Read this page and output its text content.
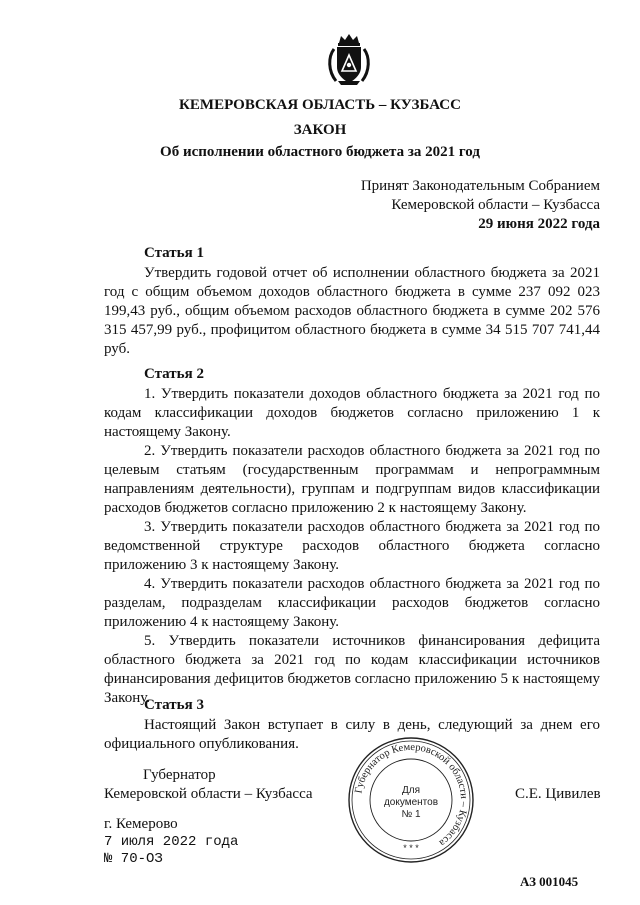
КЕМЕРОВСКАЯ ОБЛАСТЬ – КУЗБАСС
ЗАКОН
Об исполнении областного бюджета за 2021 год
Принят Законодательным Собранием
Кемеровской области – Кузбасса
29 июня 2022 года
Статья 1
Утвердить годовой отчет об исполнении областного бюджета за 2021 год с общим объемом доходов областного бюджета в сумме 237 092 023 199,43 руб., общим объемом расходов областного бюджета в сумме 202 576 315 457,99 руб., профицитом областного бюджета в сумме 34 515 707 741,44 руб.
Статья 2
1. Утвердить показатели доходов областного бюджета за 2021 год по кодам классификации доходов бюджетов согласно приложению 1 к настоящему Закону.
2. Утвердить показатели расходов областного бюджета за 2021 год по целевым статьям (государственным программам и непрограммным направлениям деятельности), группам и подгруппам видов классификации расходов бюджетов согласно приложению 2 к настоящему Закону.
3. Утвердить показатели расходов областного бюджета за 2021 год по ведомственной структуре расходов областного бюджета согласно приложению 3 к настоящему Закону.
4. Утвердить показатели расходов областного бюджета за 2021 год по разделам, подразделам классификации расходов бюджетов согласно приложению 4 к настоящему Закону.
5. Утвердить показатели источников финансирования дефицита областного бюджета за 2021 год по кодам классификации источников финансирования дефицитов бюджетов согласно приложению 5 к настоящему Закону.
Статья 3
Настоящий Закон вступает в силу в день, следующий за днем его официального опубликования.
Губернатор
Кемеровской области – Кузбасса	С.Е. Цивилев
Губернатор Кемеровской области – Кузбасса
Для
документов
№ 1
* * *
г. Кемерово
7 июля 2022 года
№ 70-ОЗ
АЗ 001045
